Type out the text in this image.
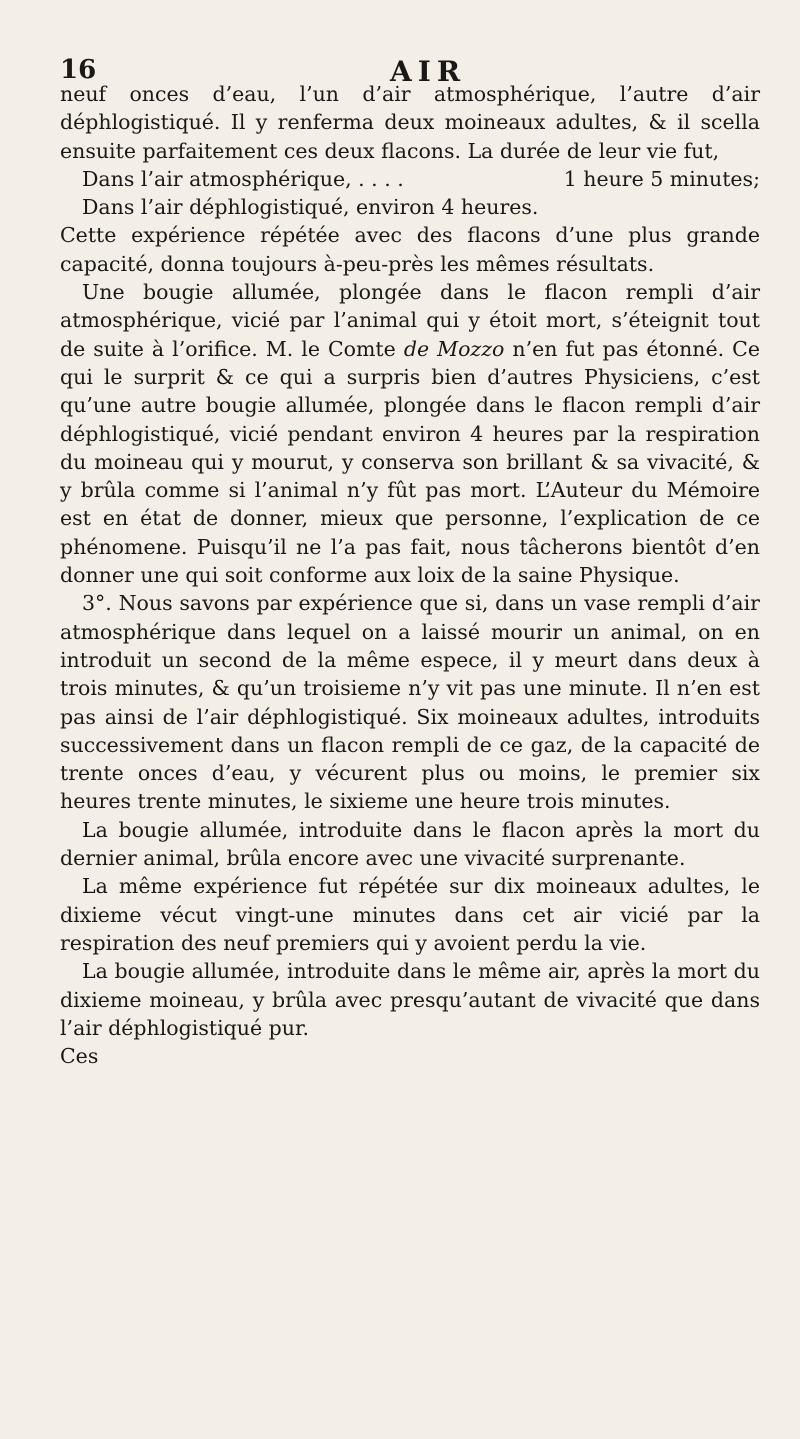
16	AIR

neuf onces d’eau, l’un d’air atmosphérique, l’autre d’air déphlogistiqué. Il y renferma deux moineaux adultes, & il scella ensuite parfaitement ces deux flacons. La durée de leur vie fut,

Dans l’air atmosphérique, . . . .	1 heure 5 minutes;

Dans l’air déphlogistiqué, environ 4 heures.

Cette expérience répétée avec des flacons d’une plus grande capacité, donna toujours à-peu-près les mêmes résultats.

Une bougie allumée, plongée dans le flacon rempli d’air atmosphérique, vicié par l’animal qui y étoit mort, s’éteignit tout de suite à l’orifice. M. le Comte de Mozzo n’en fut pas étonné. Ce qui le surprit & ce qui a surpris bien d’autres Physiciens, c’est qu’une autre bougie allumée, plongée dans le flacon rempli d’air déphlogistiqué, vicié pendant environ 4 heures par la respiration du moineau qui y mourut, y conserva son brillant & sa vivacité, & y brûla comme si l’animal n’y fût pas mort. L’Auteur du Mémoire est en état de donner, mieux que personne, l’explication de ce phénomene. Puisqu’il ne l’a pas fait, nous tâcherons bientôt d’en donner une qui soit conforme aux loix de la saine Physique.

3°. Nous savons par expérience que si, dans un vase rempli d’air atmosphérique dans lequel on a laissé mourir un animal, on en introduit un second de la même espece, il y meurt dans deux à trois minutes, & qu’un troisieme n’y vit pas une minute. Il n’en est pas ainsi de l’air déphlogistiqué. Six moineaux adultes, introduits successivement dans un flacon rempli de ce gaz, de la capacité de trente onces d’eau, y vécurent plus ou moins, le premier six heures trente minutes, le sixieme une heure trois minutes.

La bougie allumée, introduite dans le flacon après la mort du dernier animal, brûla encore avec une vivacité surprenante.

La même expérience fut répétée sur dix moineaux adultes, le dixieme vécut vingt-une minutes dans cet air vicié par la respiration des neuf premiers qui y avoient perdu la vie.

La bougie allumée, introduite dans le même air, après la mort du dixieme moineau, y brûla avec presqu’autant de vivacité que dans l’air déphlogistiqué pur.

Ces
